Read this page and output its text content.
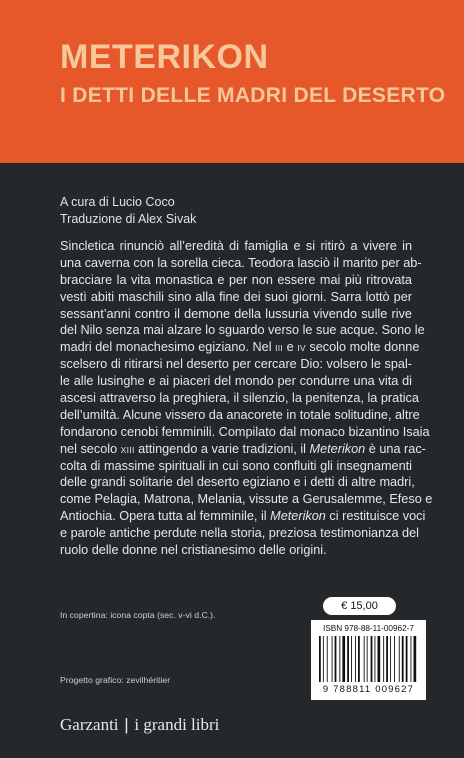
METERIKON
I DETTI DELLE MADRI DEL DESERTO
A cura di Lucio Coco
Traduzione di Alex Sivak
Sincletica rinunciò all’eredità di famiglia e si ritirò a vivere in
una caverna con la sorella cieca. Teodora lasciò il marito per ab-
bracciare la vita monastica e per non essere mai più ritrovata
vestì abiti maschili sino alla fine dei suoi giorni. Sarra lottò per
sessant’anni contro il demone della lussuria vivendo sulle rive
del Nilo senza mai alzare lo sguardo verso le sue acque. Sono le
madri del monachesimo egiziano. Nel III e IV secolo molte donne
scelsero di ritirarsi nel deserto per cercare Dio: volsero le spal-
le alle lusinghe e ai piaceri del mondo per condurre una vita di
ascesi attraverso la preghiera, il silenzio, la penitenza, la pratica
dell’umiltà. Alcune vissero da anacorete in totale solitudine, altre
fondarono cenobi femminili. Compilato dal monaco bizantino Isaia
nel secolo XIII attingendo a varie tradizioni, il Meterikon è una rac-
colta di massime spirituali in cui sono confluiti gli insegnamenti
delle grandi solitarie del deserto egiziano e i detti di altre madri,
come Pelagia, Matrona, Melania, vissute a Gerusalemme, Efeso e
Antiochia. Opera tutta al femminile, il Meterikon ci restituisce voci
e parole antiche perdute nella storia, preziosa testimonianza del
ruolo delle donne nel cristianesimo delle origini.
In copertina: icona copta (sec. v-vi d.C.).
Progetto grafico: zevilhéritier
€ 15,00
ISBN 978-88-11-00962-7
9 788811 009627
Garzanti | i grandi libri
